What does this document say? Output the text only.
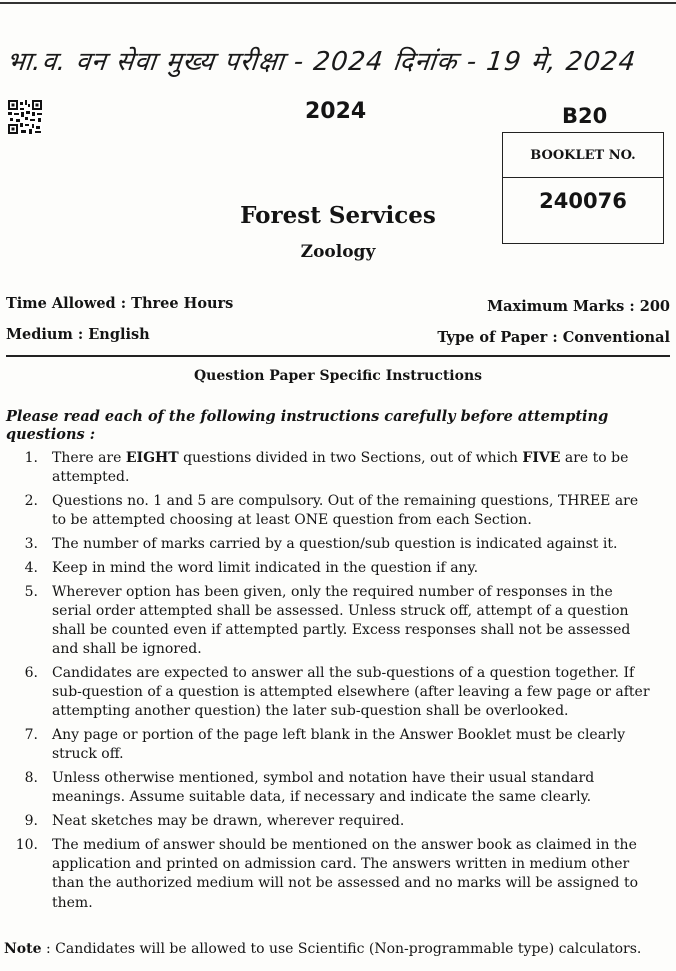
भा.व. वन सेवा मुख्य परीक्षा - 2024 दिनांक - 19 मे, 2024
2024	B20
BOOKLET NO.
240076
Forest Services
Zoology
Time Allowed : Three Hours	Maximum Marks : 200
Medium : English	Type of Paper : Conventional
Question Paper Specific Instructions
Please read each of the following instructions carefully before attempting questions :
1. There are EIGHT questions divided in two Sections, out of which FIVE are to be attempted.
2. Questions no. 1 and 5 are compulsory. Out of the remaining questions, THREE are to be attempted choosing at least ONE question from each Section.
3. The number of marks carried by a question/sub question is indicated against it.
4. Keep in mind the word limit indicated in the question if any.
5. Wherever option has been given, only the required number of responses in the serial order attempted shall be assessed. Unless struck off, attempt of a question shall be counted even if attempted partly. Excess responses shall not be assessed and shall be ignored.
6. Candidates are expected to answer all the sub-questions of a question together. If sub-question of a question is attempted elsewhere (after leaving a few page or after attempting another question) the later sub-question shall be overlooked.
7. Any page or portion of the page left blank in the Answer Booklet must be clearly struck off.
8. Unless otherwise mentioned, symbol and notation have their usual standard meanings. Assume suitable data, if necessary and indicate the same clearly.
9. Neat sketches may be drawn, wherever required.
10. The medium of answer should be mentioned on the answer book as claimed in the application and printed on admission card. The answers written in medium other than the authorized medium will not be assessed and no marks will be assigned to them.
Note : Candidates will be allowed to use Scientific (Non-programmable type) calculators.
